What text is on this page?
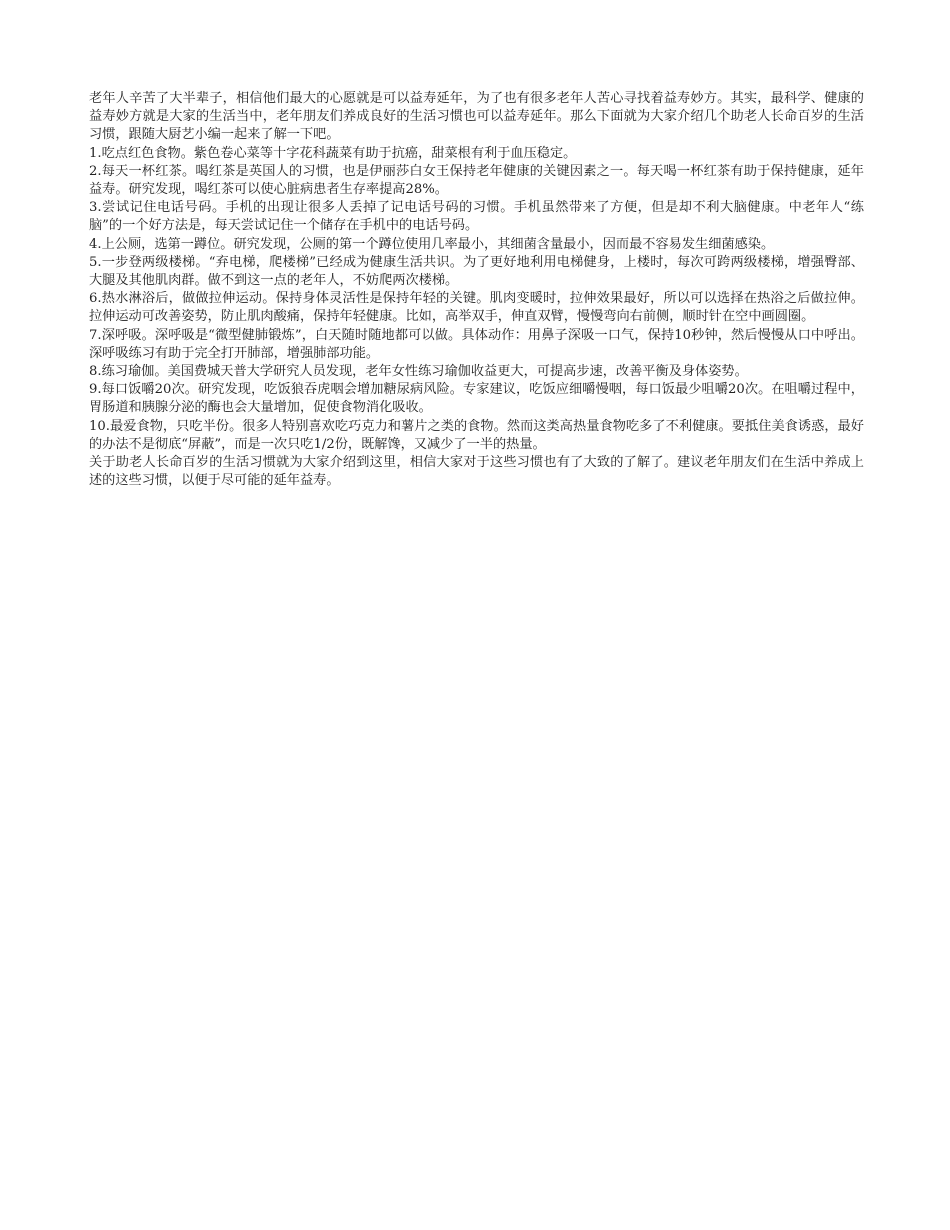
老年人辛苦了大半辈子，相信他们最大的心愿就是可以益寿延年，为了也有很多老年人苦心寻找着益寿妙方。其实，最科学、健康的益寿妙方就是大家的生活当中，老年朋友们养成良好的生活习惯也可以益寿延年。那么下面就为大家介绍几个助老人长命百岁的生活习惯，跟随大厨艺小编一起来了解一下吧。

1.吃点红色食物。紫色卷心菜等十字花科蔬菜有助于抗癌，甜菜根有利于血压稳定。

2.每天一杯红茶。喝红茶是英国人的习惯，也是伊丽莎白女王保持老年健康的关键因素之一。每天喝一杯红茶有助于保持健康，延年益寿。研究发现，喝红茶可以使心脏病患者生存率提高28%。

3.尝试记住电话号码。手机的出现让很多人丢掉了记电话号码的习惯。手机虽然带来了方便，但是却不利大脑健康。中老年人“练脑”的一个好方法是，每天尝试记住一个储存在手机中的电话号码。

4.上公厕，选第一蹲位。研究发现，公厕的第一个蹲位使用几率最小，其细菌含量最小，因而最不容易发生细菌感染。

5.一步登两级楼梯。“弃电梯，爬楼梯”已经成为健康生活共识。为了更好地利用电梯健身，上楼时，每次可跨两级楼梯，增强臀部、大腿及其他肌肉群。做不到这一点的老年人，不妨爬两次楼梯。

6.热水淋浴后，做做拉伸运动。保持身体灵活性是保持年轻的关键。肌肉变暖时，拉伸效果最好，所以可以选择在热浴之后做拉伸。拉伸运动可改善姿势，防止肌肉酸痛，保持年轻健康。比如，高举双手，伸直双臂，慢慢弯向右前侧，顺时针在空中画圆圈。

7.深呼吸。深呼吸是“微型健肺锻炼”，白天随时随地都可以做。具体动作：用鼻子深吸一口气，保持10秒钟，然后慢慢从口中呼出。深呼吸练习有助于完全打开肺部，增强肺部功能。

8.练习瑜伽。美国费城天普大学研究人员发现，老年女性练习瑜伽收益更大，可提高步速，改善平衡及身体姿势。

9.每口饭嚼20次。研究发现，吃饭狼吞虎咽会增加糖尿病风险。专家建议，吃饭应细嚼慢咽，每口饭最少咀嚼20次。在咀嚼过程中，胃肠道和胰腺分泌的酶也会大量增加，促使食物消化吸收。

10.最爱食物，只吃半份。很多人特别喜欢吃巧克力和薯片之类的食物。然而这类高热量食物吃多了不利健康。要抵住美食诱惑，最好的办法不是彻底“屏蔽”，而是一次只吃1/2份，既解馋，又减少了一半的热量。

关于助老人长命百岁的生活习惯就为大家介绍到这里，相信大家对于这些习惯也有了大致的了解了。建议老年朋友们在生活中养成上述的这些习惯，以便于尽可能的延年益寿。
